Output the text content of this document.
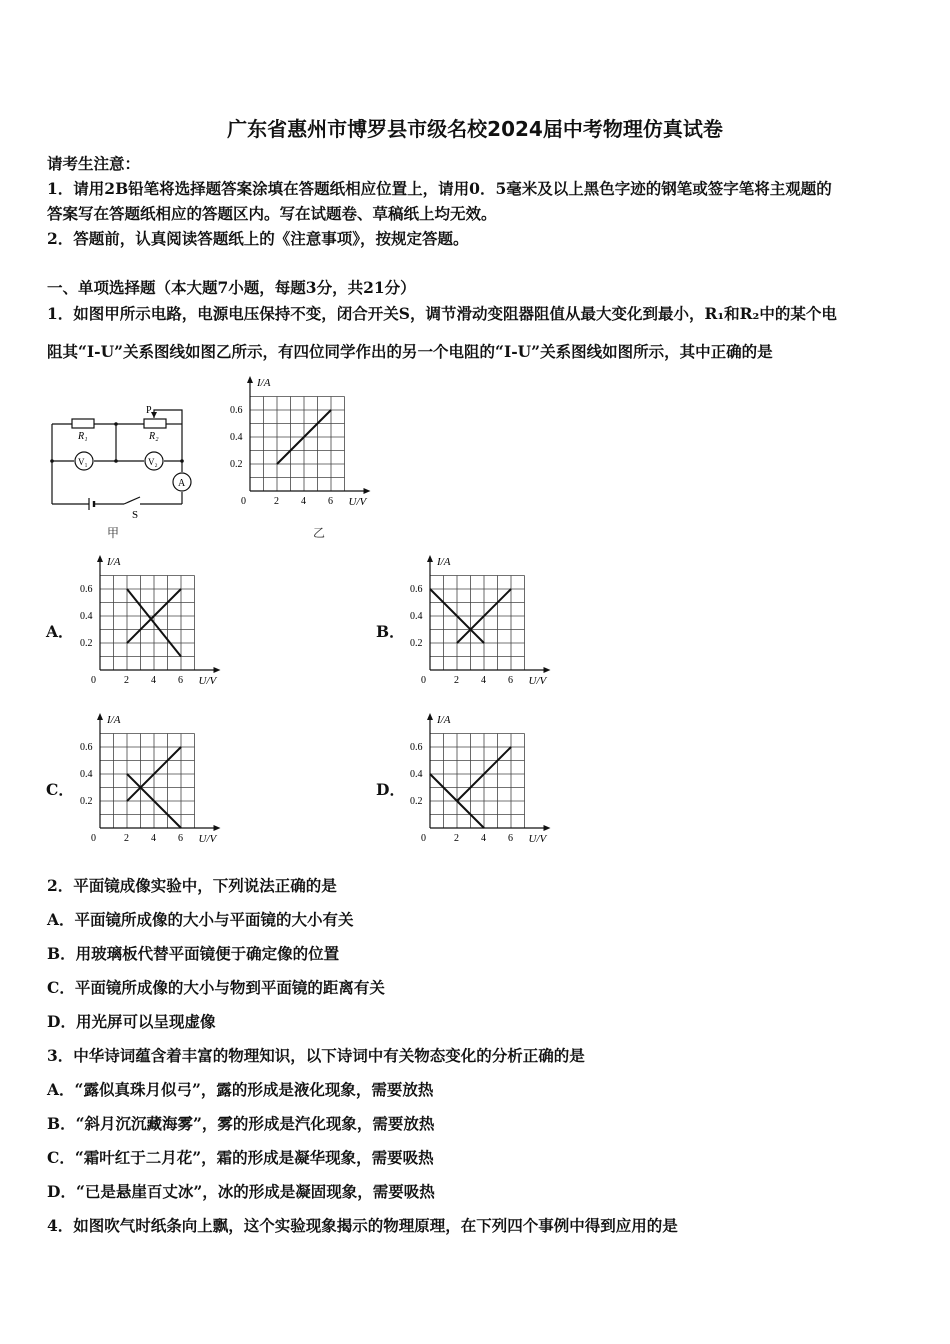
广东省惠州市博罗县市级名校2024届中考物理仿真试卷
请考生注意：
1．请用2B铅笔将选择题答案涂填在答题纸相应位置上，请用0．5毫米及以上黑色字迹的钢笔或签字笔将主观题的
答案写在答题纸相应的答题区内。写在试题卷、草稿纸上均无效。
2．答题前，认真阅读答题纸上的《注意事项》，按规定答题。
一、单项选择题（本大题7小题，每题3分，共21分）
1．如图甲所示电路，电源电压保持不变，闭合开关S，调节滑动变阻器阻值从最大变化到最小，R₁和R₂中的某个电
阻其“I-U”关系图线如图乙所示，有四位同学作出的另一个电阻的“I-U”关系图线如图所示，其中正确的是
R₁	R₂
P
V₁	V₂
A
S
甲	乙
I/A
U/V
0	2 4 6
0.2
0.4
0.6
I/A
U/V
0	2 4 6
0.2
0.4
0.6
I/A
U/V
0	2 4 6
0.2
0.4
0.6
I/A
U/V
0	2 4 6
0.2
0.4
0.6
I/A
U/V
0	2 4 6
0.2
0.4
0.6
A．	B．
C．	D．
2．平面镜成像实验中，下列说法正确的是
A．平面镜所成像的大小与平面镜的大小有关
B．用玻璃板代替平面镜便于确定像的位置
C．平面镜所成像的大小与物到平面镜的距离有关
D．用光屏可以呈现虚像
3．中华诗词蕴含着丰富的物理知识，以下诗词中有关物态变化的分析正确的是
A．“露似真珠月似弓”，露的形成是液化现象，需要放热
B．“斜月沉沉藏海雾”，雾的形成是汽化现象，需要放热
C．“霜叶红于二月花”，霜的形成是凝华现象，需要吸热
D．“已是悬崖百丈冰”，冰的形成是凝固现象，需要吸热
4．如图吹气时纸条向上飘，这个实验现象揭示的物理原理，在下列四个事例中得到应用的是
